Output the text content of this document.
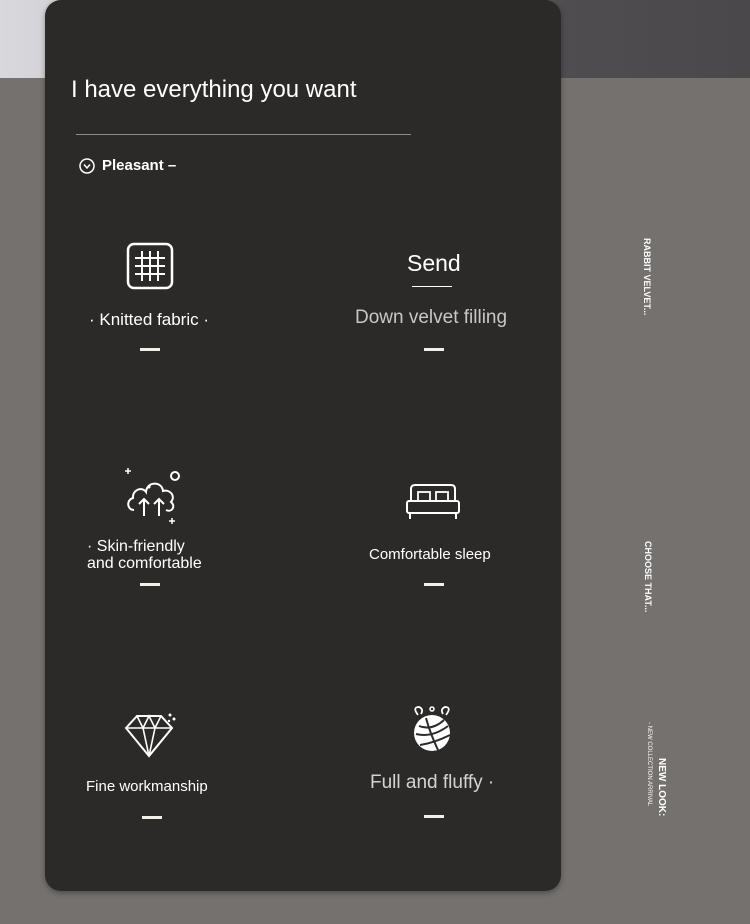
I have everything you want
Pleasant –
· Knitted fabric ·
Send
Down velvet filling
· Skin-friendly
and comfortable
Comfortable sleep
Fine workmanship	Full and fluffy ·
RABBIT VELVET...
CHOOSE THAT...
NEW LOOK:
- NEW COLLECTION ARRIVAL
